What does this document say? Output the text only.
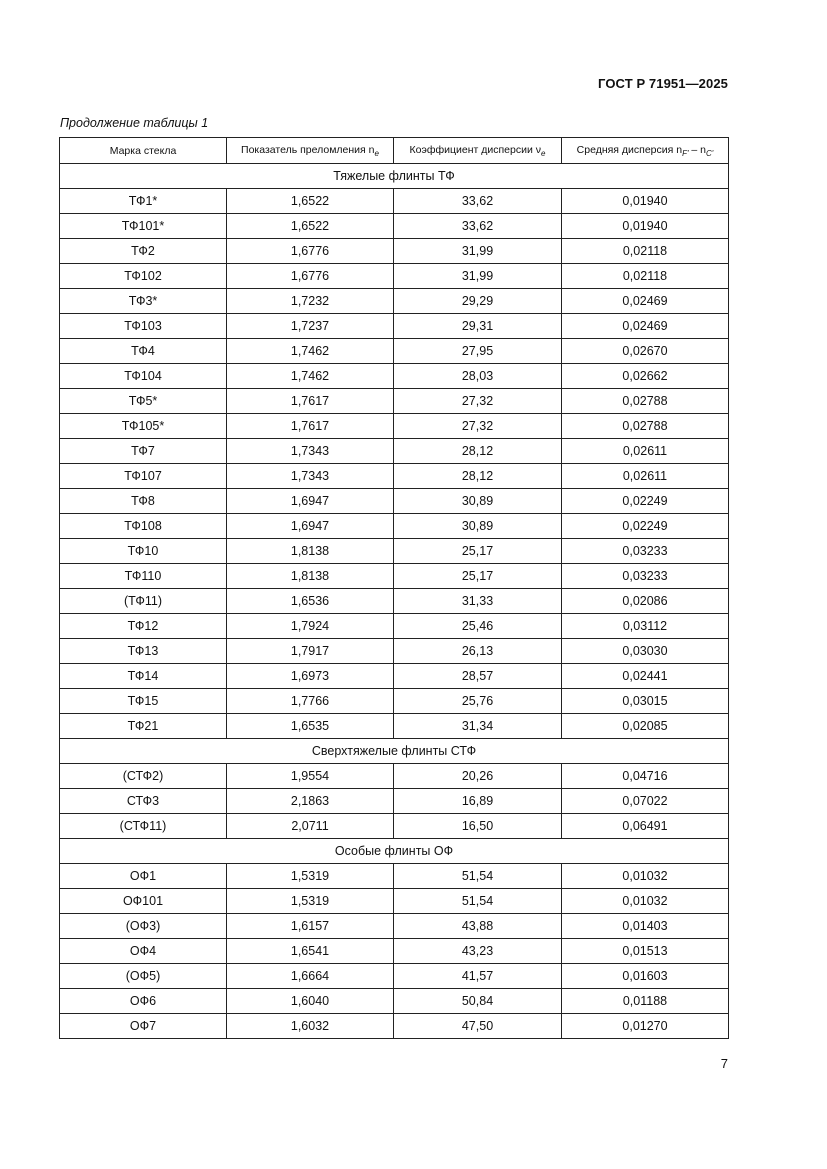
ГОСТ Р 71951—2025
Продолжение таблицы 1
Марка стекла	Показатель преломления $n_e$	Коэффициент дисперсии $\nu_e$	Средняя дисперсия $n_{F'} - n_{C'}$
Тяжелые флинты ТФ			
ТФ1*	1,6522	33,62	0,01940
ТФ101*	1,6522	33,62	0,01940
ТФ2	1,6776	31,99	0,02118
ТФ102	1,6776	31,99	0,02118
ТФ3*	1,7232	29,29	0,02469
ТФ103	1,7237	29,31	0,02469
ТФ4	1,7462	27,95	0,02670
ТФ104	1,7462	28,03	0,02662
ТФ5*	1,7617	27,32	0,02788
ТФ105*	1,7617	27,32	0,02788
ТФ7	1,7343	28,12	0,02611
ТФ107	1,7343	28,12	0,02611
ТФ8	1,6947	30,89	0,02249
ТФ108	1,6947	30,89	0,02249
ТФ10	1,8138	25,17	0,03233
ТФ110	1,8138	25,17	0,03233
(ТФ11)	1,6536	31,33	0,02086
ТФ12	1,7924	25,46	0,03112
ТФ13	1,7917	26,13	0,03030
ТФ14	1,6973	28,57	0,02441
ТФ15	1,7766	25,76	0,03015
ТФ21	1,6535	31,34	0,02085
Сверхтяжелые флинты СТФ			
(СТФ2)	1,9554	20,26	0,04716
СТФ3	2,1863	16,89	0,07022
(СТФ11)	2,0711	16,50	0,06491
Особые флинты ОФ			
ОФ1	1,5319	51,54	0,01032
ОФ101	1,5319	51,54	0,01032
(ОФ3)	1,6157	43,88	0,01403
ОФ4	1,6541	43,23	0,01513
(ОФ5)	1,6664	41,57	0,01603
ОФ6	1,6040	50,84	0,01188
ОФ7	1,6032	47,50	0,01270
7
